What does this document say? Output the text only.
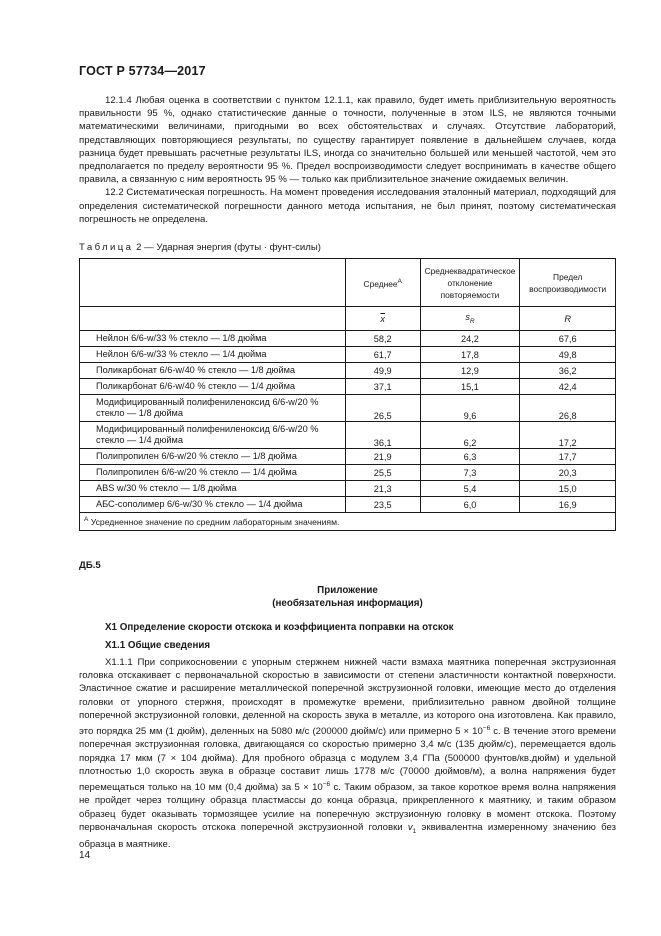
ГОСТ Р 57734—2017

12.1.4 Любая оценка в соответствии с пунктом 12.1.1, как правило, будет иметь приблизительную вероятность правильности 95 %, однако статистические данные о точности, полученные в этом ILS, не являются точными математическими величинами, пригодными во всех обстоятельствах и случаях. Отсутствие лабораторий, представляющих повторяющиеся результаты, по существу гарантирует появление в дальнейшем случаев, когда разница будет превышать расчетные результаты ILS, иногда со значительно большей или меньшей частотой, чем это предполагается по пределу вероятности 95 %. Предел воспроизводимости следует воспринимать в качестве общего правила, а связанную с ним вероятность 95 % — только как приблизительное значение ожидаемых величин.

12.2 Систематическая погрешность. На момент проведения исследования эталонный материал, подходящий для определения систематической погрешности данного метода испытания, не был принят, поэтому систематическая погрешность не определена.

Таблица 2 — Ударная энергия (футы · фунт-силы)
	Среднее$^A$	Среднеквадратическое отклонение повторяемости	Предел воспроизводимости
	$\overline{x}$	$s_R$	R
Нейлон 6/6-w/33 % стекло — 1/8 дюйма	58,2	24,2	67,6
Нейлон 6/6-w/33 % стекло — 1/4 дюйма	61,7	17,8	49,8
Поликарбонат 6/6-w/40 % стекло — 1/8 дюйма	49,9	12,9	36,2
Поликарбонат 6/6-w/40 % стекло — 1/4 дюйма	37,1	15,1	42,4
Модифицированный полифениленоксид 6/6-w/20 % стекло — 1/8 дюйма	26,5	9,6	26,8
Модифицированный полифениленоксид 6/6-w/20 % стекло — 1/4 дюйма	36,1	6,2	17,2
Полипропилен 6/6-w/20 % стекло — 1/8 дюйма	21,9	6,3	17,7
Полипропилен 6/6-w/20 % стекло — 1/4 дюйма	25,5	7,3	20,3
ABS w/30 % стекло — 1/8 дюйма	21,3	5,4	15,0
АБС-сополимер 6/6-w/30 % стекло — 1/4 дюйма	23,5	6,0	16,9
$^A$ Усредненное значение по средним лабораторным значениям.			
ДБ.5
Приложение
(необязательная информация)
X1 Определение скорости отскока и коэффициента поправки на отскок
X1.1 Общие сведения

X1.1.1 При соприкосновении с упорным стержнем нижней части взмаха маятника поперечная экструзионная головка отскакивает с первоначальной скоростью в зависимости от степени эластичности контактной поверхности. Эластичное сжатие и расширение металлической поперечной экструзионной головки, имеющие место до отделения головки от упорного стержня, происходят в промежутке времени, приблизительно равном двойной толщине поперечной экструзионной головки, деленной на скорость звука в металле, из которого она изготовлена. Как правило, это порядка 25 мм (1 дюйм), деленных на 5080 м/с (200000 дюйм/с) или примерно $5 \times 10^{-6}$ с. В течение этого времени поперечная экструзионная головка, двигающаяся со скоростью примерно 3,4 м/с (135 дюйм/с), перемещается вдоль порядка 17 мкм (7 × 104 дюйма). Для пробного образца с модулем 3,4 ГПа (500000 фунтов/кв.дюйм) и удельной плотностью 1,0 скорость звука в образце составит лишь 1778 м/с (70000 дюймов/м), а волна напряжения будет перемещаться только на 10 мм (0,4 дюйма) за $5 \times 10^{-6}$ с. Таким образом, за такое короткое время волна напряжения не пройдет через толщину образца пластмассы до конца образца, прикрепленного к маятнику, и таким образом образец будет оказывать тормозящее усилие на поперечную экструзионную головку в момент отскока. Поэтому первоначальная скорость отскока поперечной экструзионной головки $v_1$ эквивалентна измеренному значению без образца в маятнике.

14
